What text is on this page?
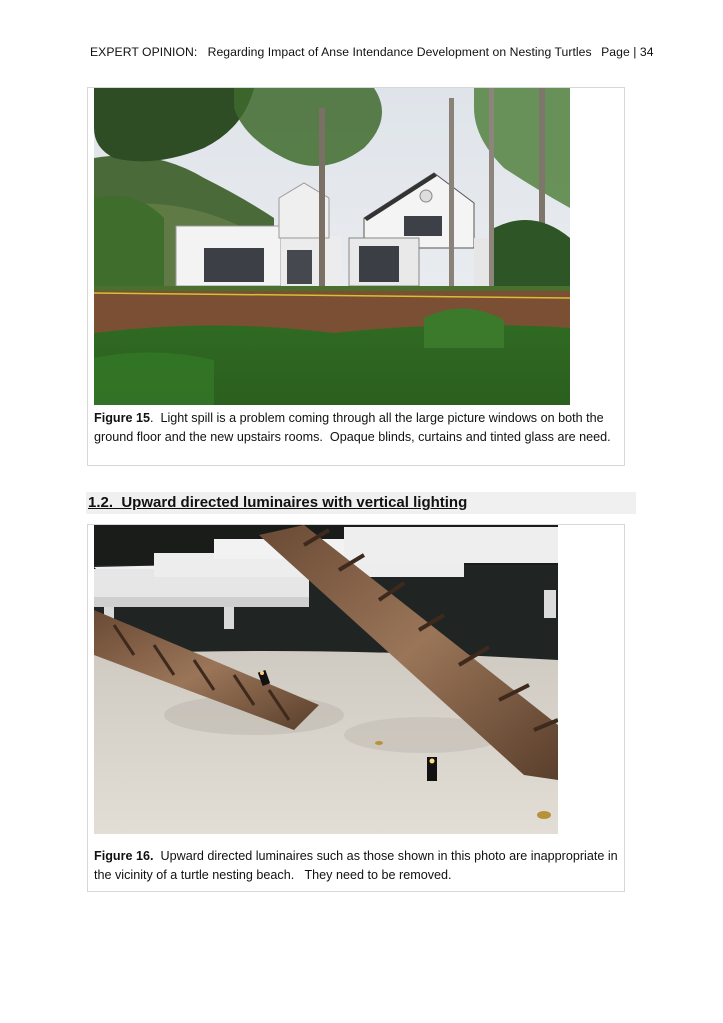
EXPERT OPINION:   Regarding Impact of Anse Intendance Development on Nesting Turtles Page | 34
Figure 15.  Light spill is a problem coming through all the large picture windows on both the ground floor and the new upstairs rooms.  Opaque blinds, curtains and tinted glass are need.
1.2.  Upward directed luminaires with vertical lighting
Figure 16.  Upward directed luminaires such as those shown in this photo are inappropriate in the vicinity of a turtle nesting beach.   They need to be removed.
